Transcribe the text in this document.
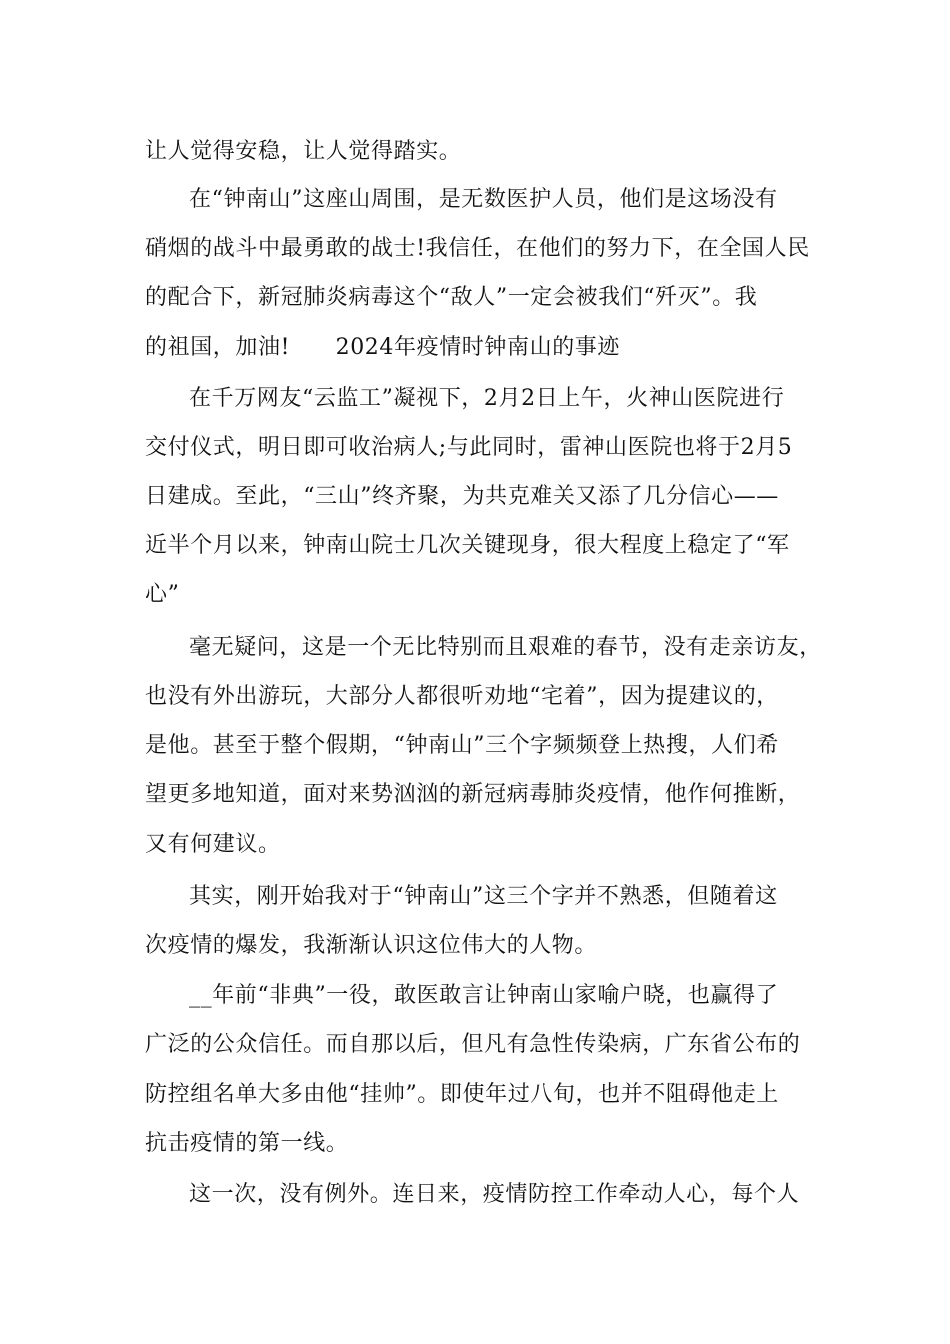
让人觉得安稳，让人觉得踏实。
在“钟南山”这座山周围，是无数医护人员，他们是这场没有
硝烟的战斗中最勇敢的战士!我信任，在他们的努力下，在全国人民
的配合下，新冠肺炎病毒这个“敌人”一定会被我们“歼灭”。我
的祖国，加油!      2024年疫情时钟南山的事迹
在千万网友“云监工”凝视下，2月2日上午，火神山医院进行
交付仪式，明日即可收治病人;与此同时，雷神山医院也将于2月5
日建成。至此，“三山”终齐聚，为共克难关又添了几分信心——
近半个月以来，钟南山院士几次关键现身，很大程度上稳定了“军
心”
毫无疑问，这是一个无比特别而且艰难的春节，没有走亲访友，
也没有外出游玩，大部分人都很听劝地“宅着”，因为提建议的，
是他。甚至于整个假期，“钟南山”三个字频频登上热搜，人们希
望更多地知道，面对来势汹汹的新冠病毒肺炎疫情，他作何推断，
又有何建议。
其实，刚开始我对于“钟南山”这三个字并不熟悉，但随着这
次疫情的爆发，我渐渐认识这位伟大的人物。
__年前“非典”一役，敢医敢言让钟南山家喻户晓，也赢得了
广泛的公众信任。而自那以后，但凡有急性传染病，广东省公布的
防控组名单大多由他“挂帅”。即使年过八旬，也并不阻碍他走上
抗击疫情的第一线。
这一次，没有例外。连日来，疫情防控工作牵动人心，每个人
